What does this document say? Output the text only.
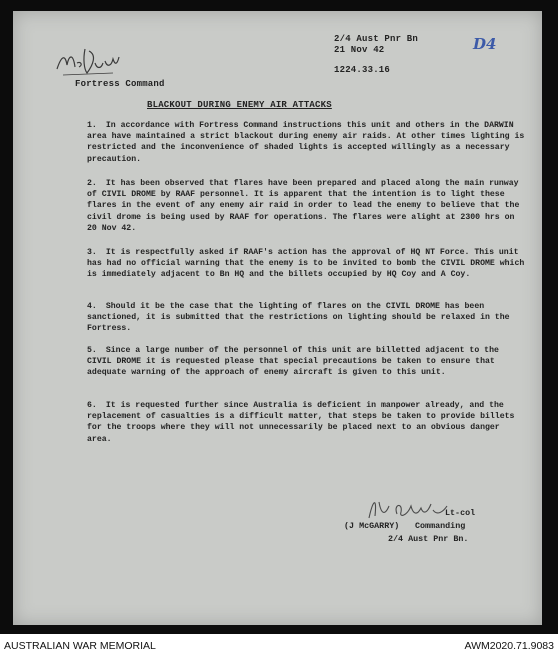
2/4 Aust Pnr Bn
21 Nov 42
1224.33.16
D4
Fortress Command
BLACKOUT DURING ENEMY AIR ATTACKS

1. In accordance with Fortress Command instructions this unit and others in the DARWIN area have maintained a strict blackout during enemy air raids. At other times lighting is restricted and the inconvenience of shaded lights is accepted willingly as a necessary precaution.

2. It has been observed that flares have been prepared and placed along the main runway of CIVIL DROME by RAAF personnel. It is apparent that the intention is to light these flares in the event of any enemy air raid in order to lead the enemy to believe that the civil drome is being used by RAAF for operations. The flares were alight at 2300 hrs on 20 Nov 42.

3. It is respectfully asked if RAAF's action has the approval of HQ NT Force. This unit has had no official warning that the enemy is to be invited to bomb the CIVIL DROME which is immediately adjacent to Bn HQ and the billets occupied by HQ Coy and A Coy.

4. Should it be the case that the lighting of flares on the CIVIL DROME has been sanctioned, it is submitted that the restrictions on lighting should be relaxed in the Fortress.

5. Since a large number of the personnel of this unit are billetted adjacent to the CIVIL DROME it is requested please that special precautions be taken to ensure that adequate warning of the approach of enemy aircraft is given to this unit.

6. It is requested further since Australia is deficient in manpower already, and the replacement of casualties is a difficult matter, that steps be taken to provide billets for the troops where they will not unnecessarily be placed next to an obvious danger area.

Lt-col
(J McGARRY) Commanding
2/4 Aust Pnr Bn.
AUSTRALIAN WAR MEMORIAL	AWM2020.71.9083
